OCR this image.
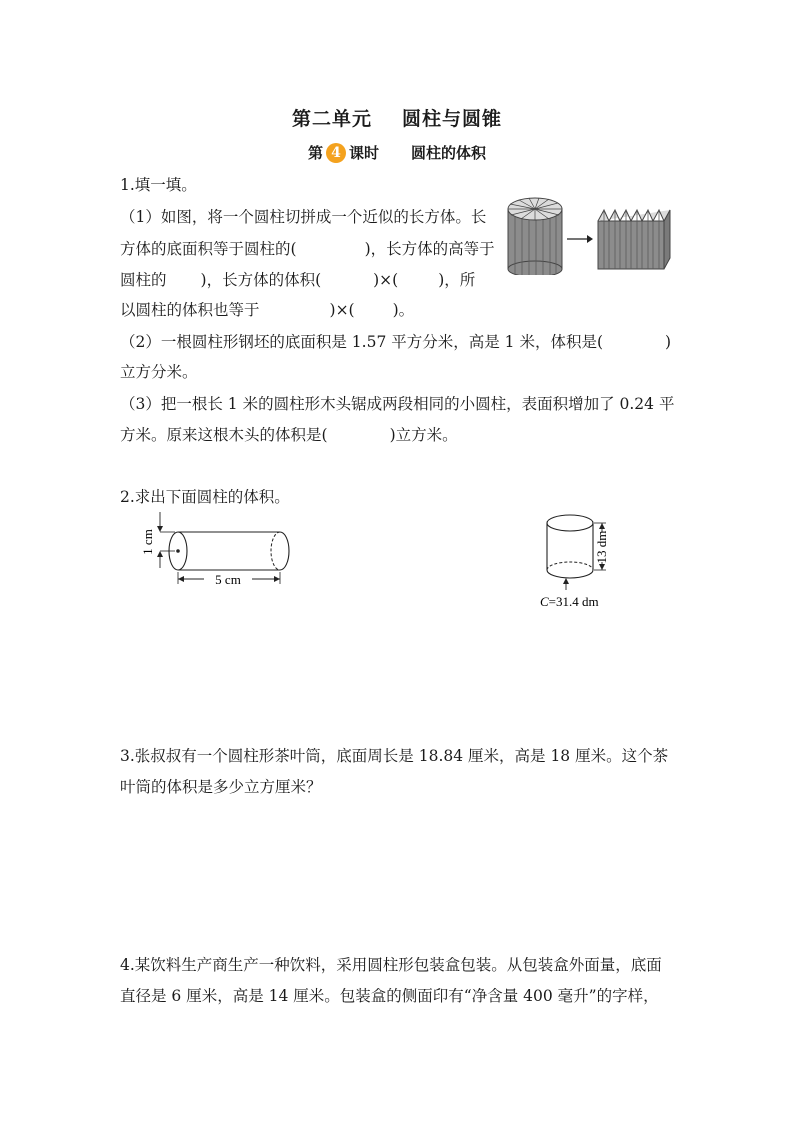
第二单元 圆柱与圆锥
第 4 课时 圆柱的体积
1.填一填。
（1）如图，将一个圆柱切拼成一个近似的长方体。长
方体的底面积等于圆柱的(	)，长方体的高等于
圆柱的 )，长方体的体积(	)×(	)，所
以圆柱的体积也等于	)×( )。
（2）一根圆柱形钢坯的底面积是 1.57 平方分米，高是 1 米，体积是(	)
立方分米。
（3）把一根长 1 米的圆柱形木头锯成两段相同的小圆柱，表面积增加了 0.24 平
方米。原来这根木头的体积是(	)立方米。
2.求出下面圆柱的体积。
1 cm
5 cm
13 dm
C=31.4 dm
3.张叔叔有一个圆柱形茶叶筒，底面周长是 18.84 厘米，高是 18 厘米。这个茶
叶筒的体积是多少立方厘米？
4.某饮料生产商生产一种饮料，采用圆柱形包装盒包装。从包装盒外面量，底面
直径是 6 厘米，高是 14 厘米。包装盒的侧面印有“净含量 400 毫升”的字样，
